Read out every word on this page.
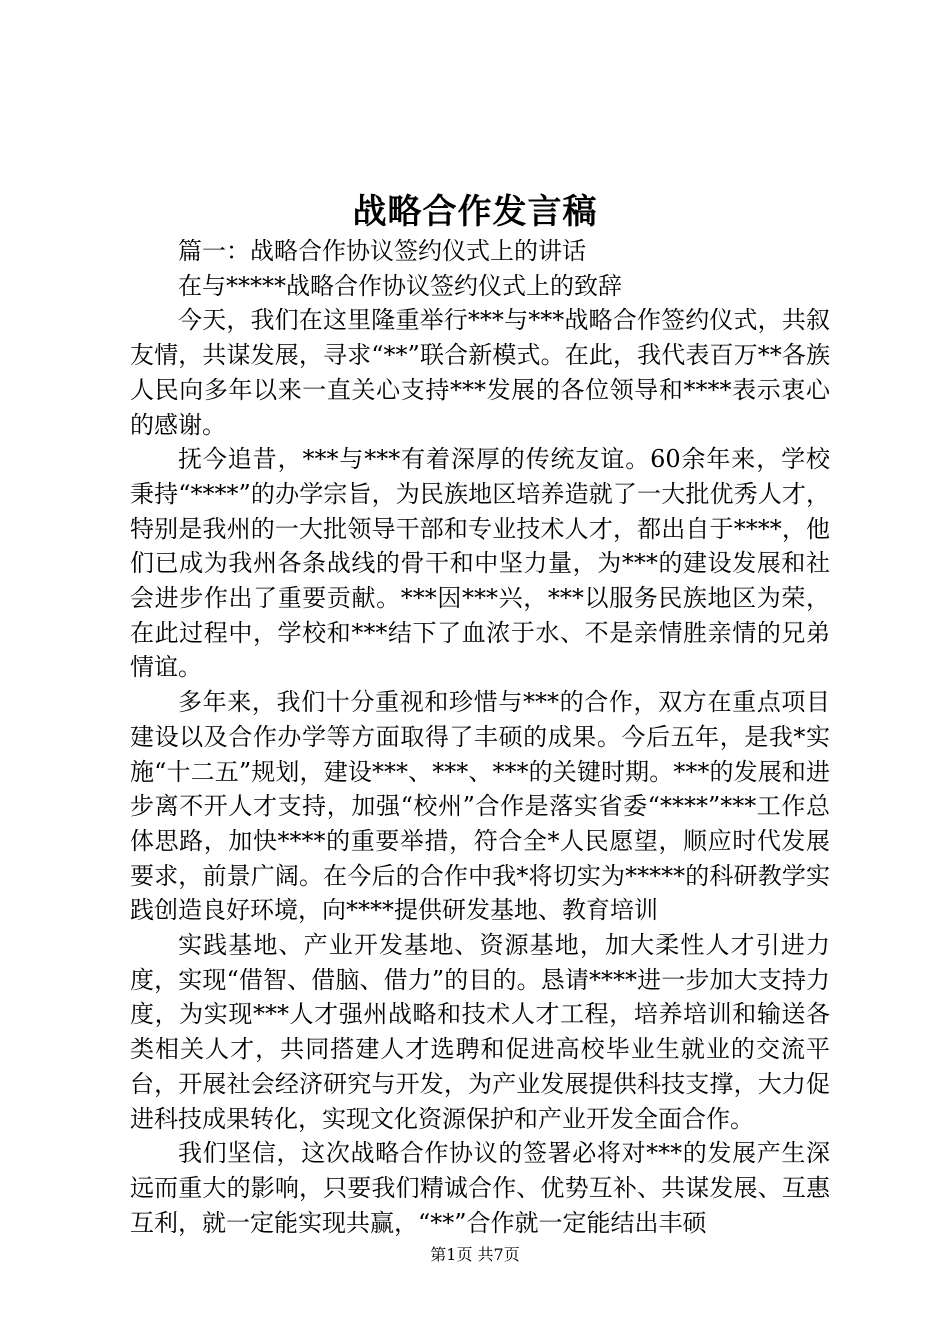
战略合作发言稿

篇一：战略合作协议签约仪式上的讲话

在与*****战略合作协议签约仪式上的致辞

今天，我们在这里隆重举行***与***战略合作签约仪式，共叙友情，共谋发展，寻求“**”联合新模式。在此，我代表百万**各族人民向多年以来一直关心支持***发展的各位领导和****表示衷心的感谢。

抚今追昔，***与***有着深厚的传统友谊。60余年来，学校秉持“****”的办学宗旨，为民族地区培养造就了一大批优秀人才，特别是我州的一大批领导干部和专业技术人才，都出自于****，他们已成为我州各条战线的骨干和中坚力量，为***的建设发展和社会进步作出了重要贡献。***因***兴，***以服务民族地区为荣，在此过程中，学校和***结下了血浓于水、不是亲情胜亲情的兄弟情谊。

多年来，我们十分重视和珍惜与***的合作，双方在重点项目建设以及合作办学等方面取得了丰硕的成果。今后五年，是我*实施“十二五”规划，建设***、***、***的关键时期。***的发展和进步离不开人才支持，加强“校州”合作是落实省委“****”***工作总体思路，加快****的重要举措，符合全*人民愿望，顺应时代发展要求，前景广阔。在今后的合作中我*将切实为*****的科研教学实践创造良好环境，向****提供研发基地、教育培训

实践基地、产业开发基地、资源基地，加大柔性人才引进力度，实现“借智、借脑、借力”的目的。恳请****进一步加大支持力度，为实现***人才强州战略和技术人才工程，培养培训和输送各类相关人才，共同搭建人才选聘和促进高校毕业生就业的交流平台，开展社会经济研究与开发，为产业发展提供科技支撑，大力促进科技成果转化，实现文化资源保护和产业开发全面合作。

我们坚信，这次战略合作协议的签署必将对***的发展产生深远而重大的影响，只要我们精诚合作、优势互补、共谋发展、互惠互利，就一定能实现共赢，“**”合作就一定能结出丰硕

第1页 共7页
